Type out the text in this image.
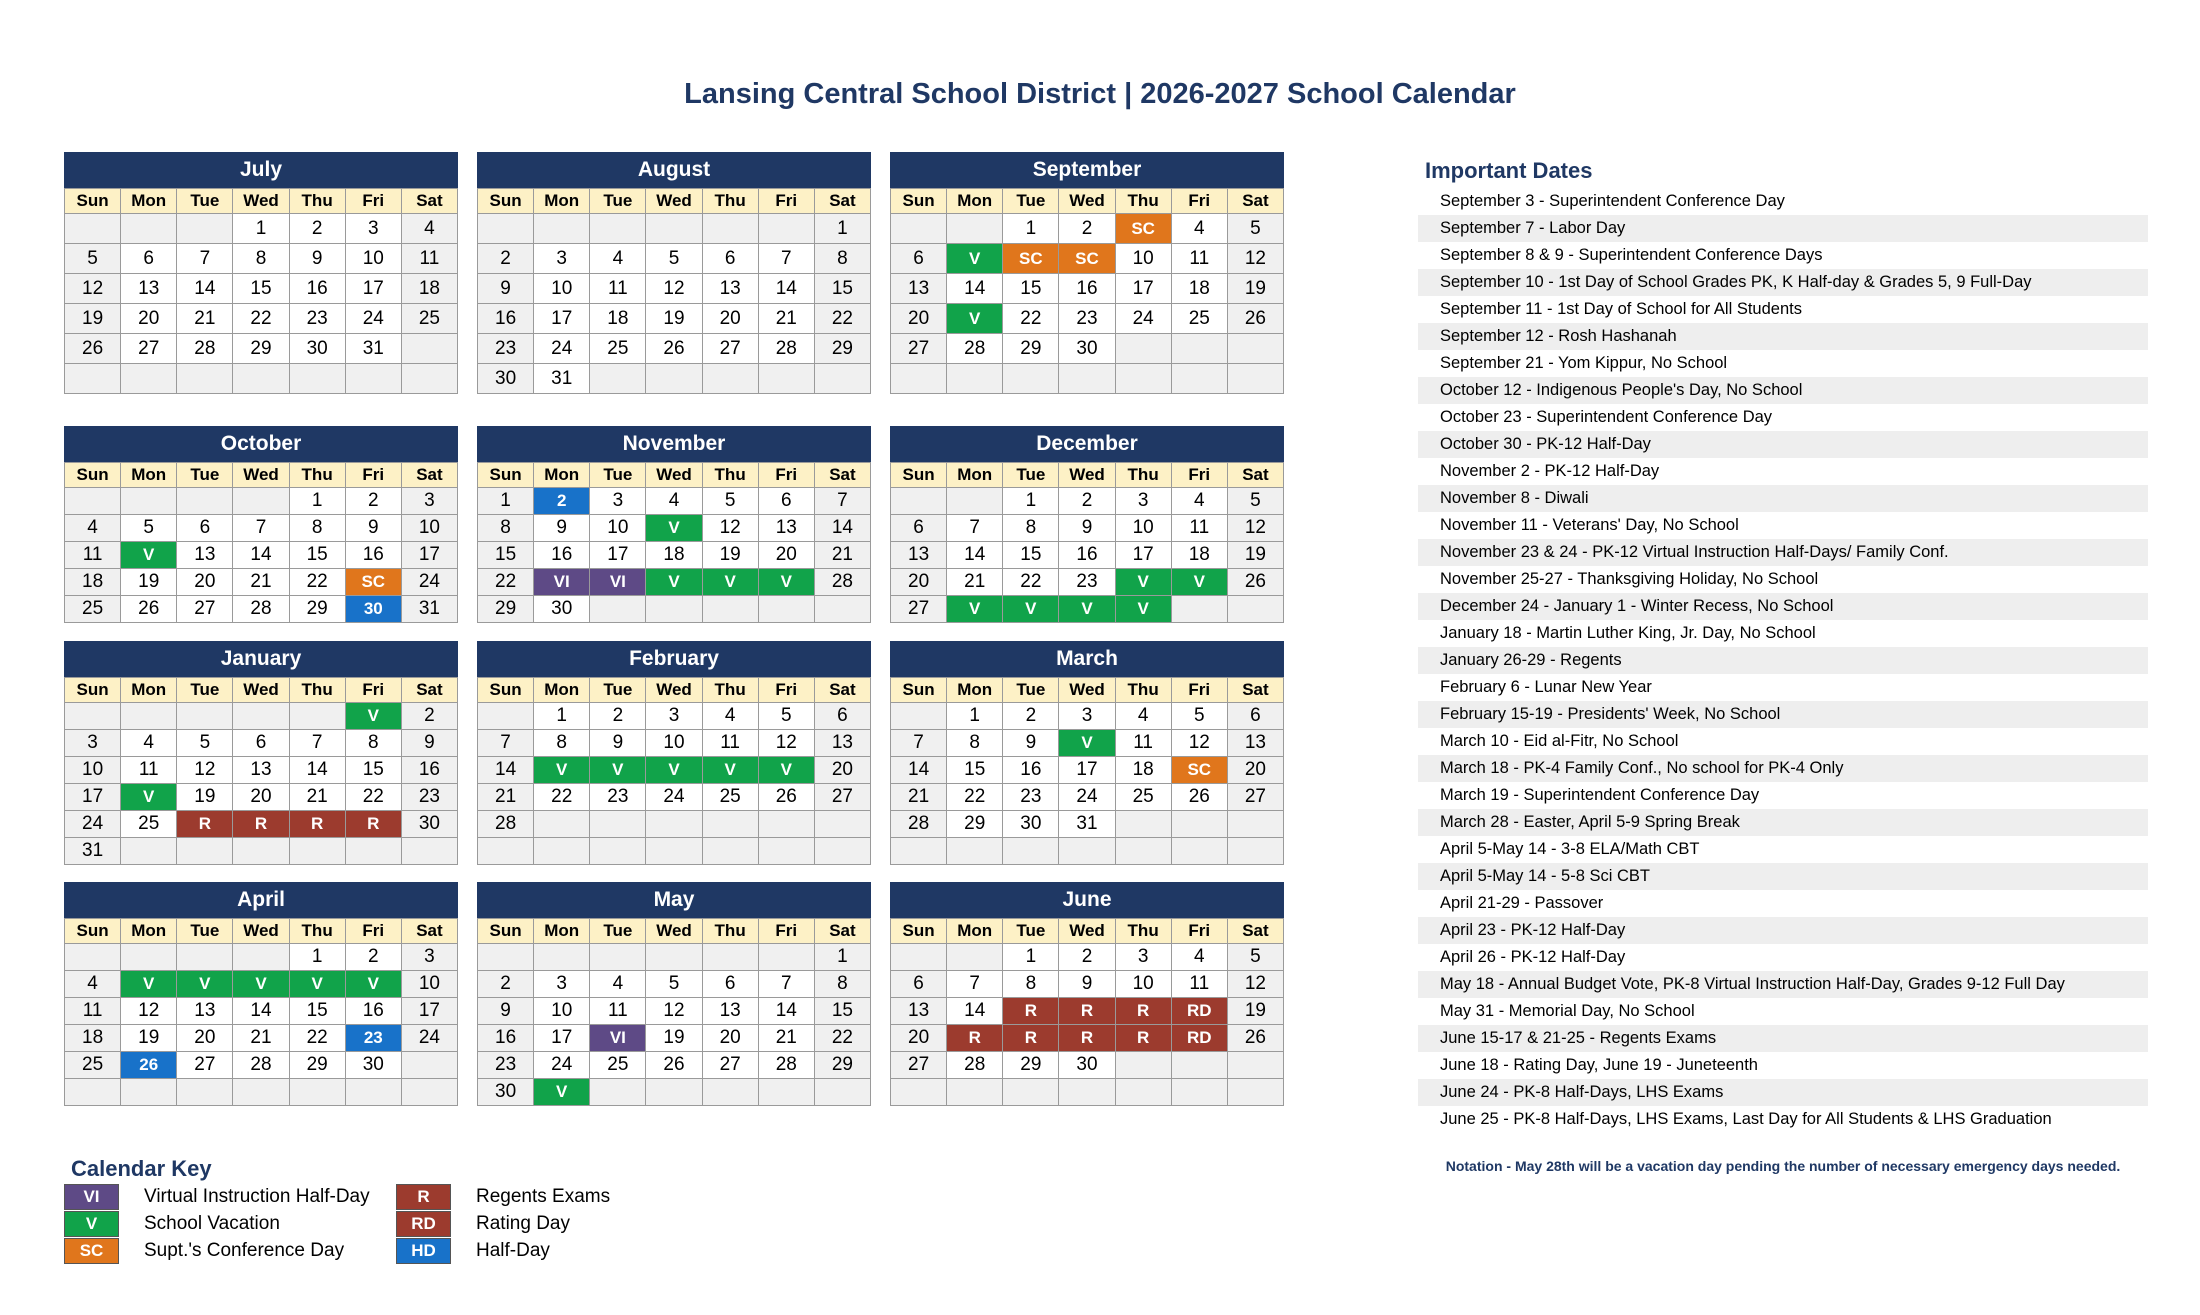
Lansing Central School District | 2026-2027 School Calendar
July
Sun	Mon	Tue	Wed	Thu	Fri	Sat
			1	2	3	4
5	6	7	8	9	10	11
12	13	14	15	16	17	18
19	20	21	22	23	24	25
26	27	28	29	30	31	

August
Sun	Mon	Tue	Wed	Thu	Fri	Sat
						1
2	3	4	5	6	7	8
9	10	11	12	13	14	15
16	17	18	19	20	21	22
23	24	25	26	27	28	29
30	31					
September
Sun	Mon	Tue	Wed	Thu	Fri	Sat
		1	2	SC	4	5
6	V	SC	SC	10	11	12
13	14	15	16	17	18	19
20	V	22	23	24	25	26
27	28	29	30			

October
Sun	Mon	Tue	Wed	Thu	Fri	Sat
				1	2	3
4	5	6	7	8	9	10
11	V	13	14	15	16	17
18	19	20	21	22	SC	24
25	26	27	28	29	30	31
November
Sun	Mon	Tue	Wed	Thu	Fri	Sat
1	2	3	4	5	6	7
8	9	10	V	12	13	14
15	16	17	18	19	20	21
22	VI	VI	V	V	V	28
29	30					
December
Sun	Mon	Tue	Wed	Thu	Fri	Sat
		1	2	3	4	5
6	7	8	9	10	11	12
13	14	15	16	17	18	19
20	21	22	23	V	V	26
27	V	V	V	V		
January
Sun	Mon	Tue	Wed	Thu	Fri	Sat
					V	2
3	4	5	6	7	8	9
10	11	12	13	14	15	16
17	V	19	20	21	22	23
24	25	R	R	R	R	30
31						
February
Sun	Mon	Tue	Wed	Thu	Fri	Sat
	1	2	3	4	5	6
7	8	9	10	11	12	13
14	V	V	V	V	V	20
21	22	23	24	25	26	27
28						

March
Sun	Mon	Tue	Wed	Thu	Fri	Sat
	1	2	3	4	5	6
7	8	9	V	11	12	13
14	15	16	17	18	SC	20
21	22	23	24	25	26	27
28	29	30	31			

April
Sun	Mon	Tue	Wed	Thu	Fri	Sat
				1	2	3
4	V	V	V	V	V	10
11	12	13	14	15	16	17
18	19	20	21	22	23	24
25	26	27	28	29	30	

May
Sun	Mon	Tue	Wed	Thu	Fri	Sat
						1
2	3	4	5	6	7	8
9	10	11	12	13	14	15
16	17	VI	19	20	21	22
23	24	25	26	27	28	29
30	V					
June
Sun	Mon	Tue	Wed	Thu	Fri	Sat
		1	2	3	4	5
6	7	8	9	10	11	12
13	14	R	R	R	RD	19
20	R	R	R	R	RD	26
27	28	29	30			

Important Dates
September 3 - Superintendent Conference Day
September 7 - Labor Day
September 8 & 9 - Superintendent Conference Days
September 10 - 1st Day of School Grades PK, K Half-day & Grades 5, 9 Full-Day
September 11 - 1st Day of School for All Students
September 12 - Rosh Hashanah
September 21 - Yom Kippur, No School
October 12 - Indigenous People's Day, No School
October 23 - Superintendent Conference Day
October 30 - PK-12 Half-Day
November 2 - PK-12 Half-Day
November 8 - Diwali
November 11 - Veterans' Day, No School
November 23 & 24 - PK-12 Virtual Instruction Half-Days/ Family Conf.
November 25-27 - Thanksgiving Holiday, No School
December 24 - January 1 - Winter Recess, No School
January 18 - Martin Luther King, Jr. Day, No School
January 26-29 - Regents
February 6 - Lunar New Year
February 15-19 - Presidents' Week, No School
March 10 - Eid al-Fitr, No School
March 18 - PK-4 Family Conf., No school for PK-4 Only
March 19 - Superintendent Conference Day
March 28 - Easter, April 5-9 Spring Break
April 5-May 14 - 3-8 ELA/Math CBT
April 5-May 14 - 5-8 Sci CBT
April 21-29 - Passover
April 23 - PK-12 Half-Day
April 26 - PK-12 Half-Day
May 18 - Annual Budget Vote, PK-8 Virtual Instruction Half-Day, Grades 9-12 Full Day
May 31 - Memorial Day, No School
June 15-17 & 21-25 - Regents Exams
June 18 - Rating Day, June 19 - Juneteenth
June 24 - PK-8 Half-Days, LHS Exams
June 25 - PK-8 Half-Days, LHS Exams, Last Day for All Students & LHS Graduation
Notation - May 28th will be a vacation day pending the number of necessary emergency days needed.
Calendar Key
VI	Virtual Instruction Half-Day
V	School Vacation
SC	Supt.'s Conference Day
R	Regents Exams
RD	Rating Day
HD	Half-Day
